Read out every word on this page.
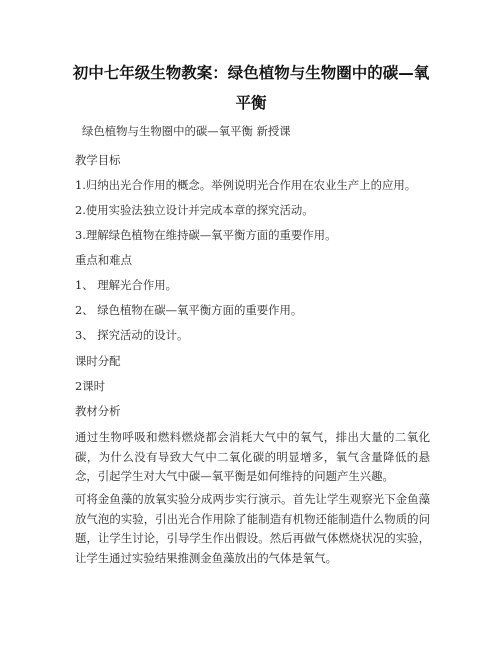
初中七年级生物教案：绿色植物与生物圈中的碳—氧
平衡
绿色植物与生物圈中的碳—氧平衡 新授课
教学目标
1.归纳出光合作用的概念。举例说明光合作用在农业生产上的应用。
2.使用实验法独立设计并完成本章的探究活动。
3.理解绿色植物在维持碳—氧平衡方面的重要作用。
重点和难点
1、 理解光合作用。
2、 绿色植物在碳—氧平衡方面的重要作用。
3、 探究活动的设计。
课时分配
2课时
教材分析
通过生物呼吸和燃料燃烧都会消耗大气中的氧气，排出大量的二氧化碳，为什么没有导致大气中二氧化碳的明显增多，氧气含量降低的悬念，引起学生对大气中碳—氧平衡是如何维持的问题产生兴趣。
可将金鱼藻的放氧实验分成两步实行演示。首先让学生观察光下金鱼藻放气泡的实验，引出光合作用除了能制造有机物还能制造什么物质的问题，让学生讨论，引导学生作出假设。然后再做气体燃烧状况的实验，让学生通过实验结果推测金鱼藻放出的气体是氧气。
